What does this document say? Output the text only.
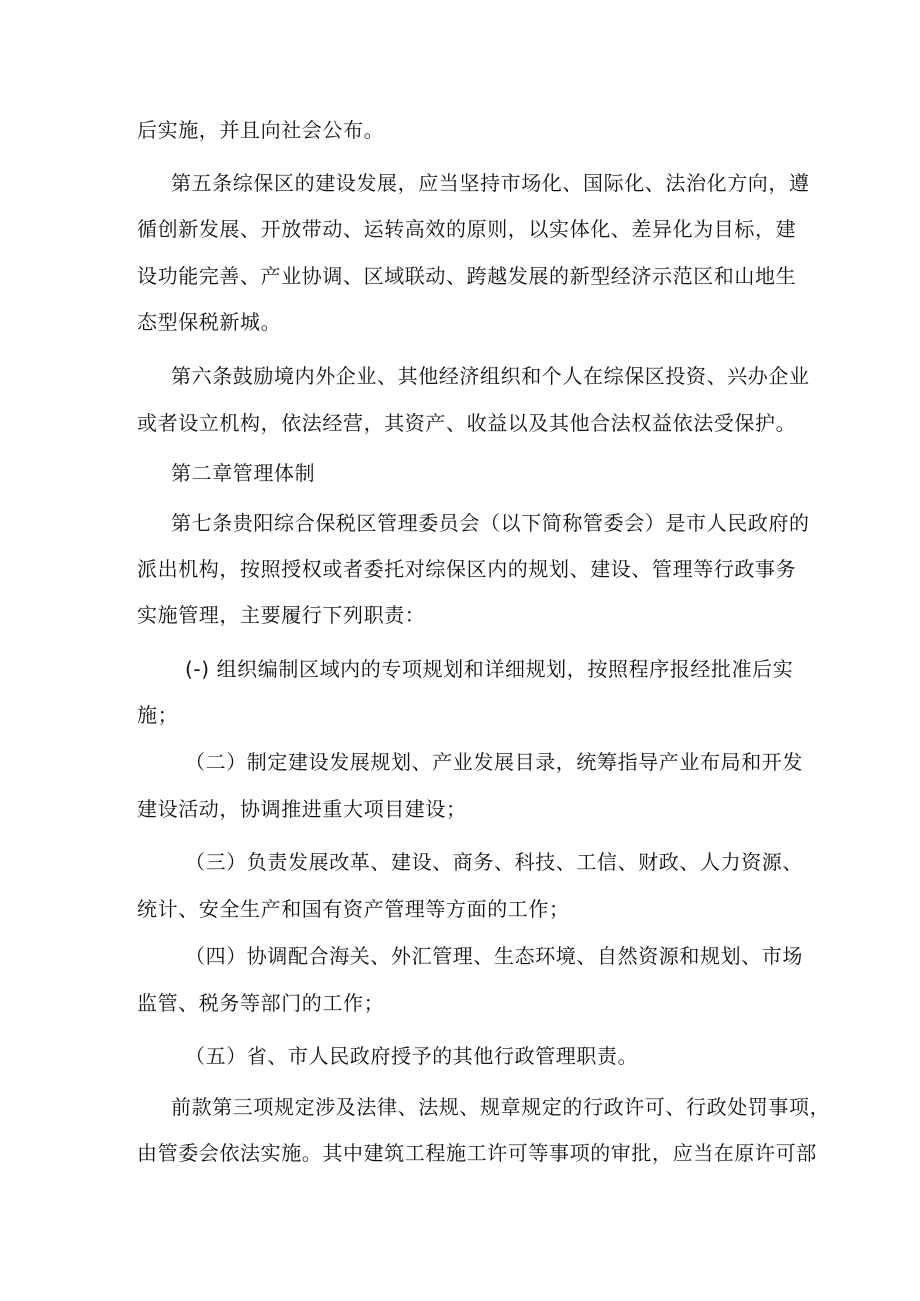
后实施，并且向社会公布。
第五条综保区的建设发展，应当坚持市场化、国际化、法治化方向，遵
循创新发展、开放带动、运转高效的原则，以实体化、差异化为目标，建
设功能完善、产业协调、区域联动、跨越发展的新型经济示范区和山地生
态型保税新城。
第六条鼓励境内外企业、其他经济组织和个人在综保区投资、兴办企业
或者设立机构，依法经营，其资产、收益以及其他合法权益依法受保护。
第二章管理体制
第七条贵阳综合保税区管理委员会（以下简称管委会）是市人民政府的
派出机构，按照授权或者委托对综保区内的规划、建设、管理等行政事务
实施管理，主要履行下列职责：
(-) 组织编制区域内的专项规划和详细规划，按照程序报经批准后实
施；
（二）制定建设发展规划、产业发展目录，统筹指导产业布局和开发
建设活动，协调推进重大项目建设；
（三）负责发展改革、建设、商务、科技、工信、财政、人力资源、
统计、安全生产和国有资产管理等方面的工作；
（四）协调配合海关、外汇管理、生态环境、自然资源和规划、市场
监管、税务等部门的工作；
（五）省、市人民政府授予的其他行政管理职责。
前款第三项规定涉及法律、法规、规章规定的行政许可、行政处罚事项，
由管委会依法实施。其中建筑工程施工许可等事项的审批，应当在原许可部
